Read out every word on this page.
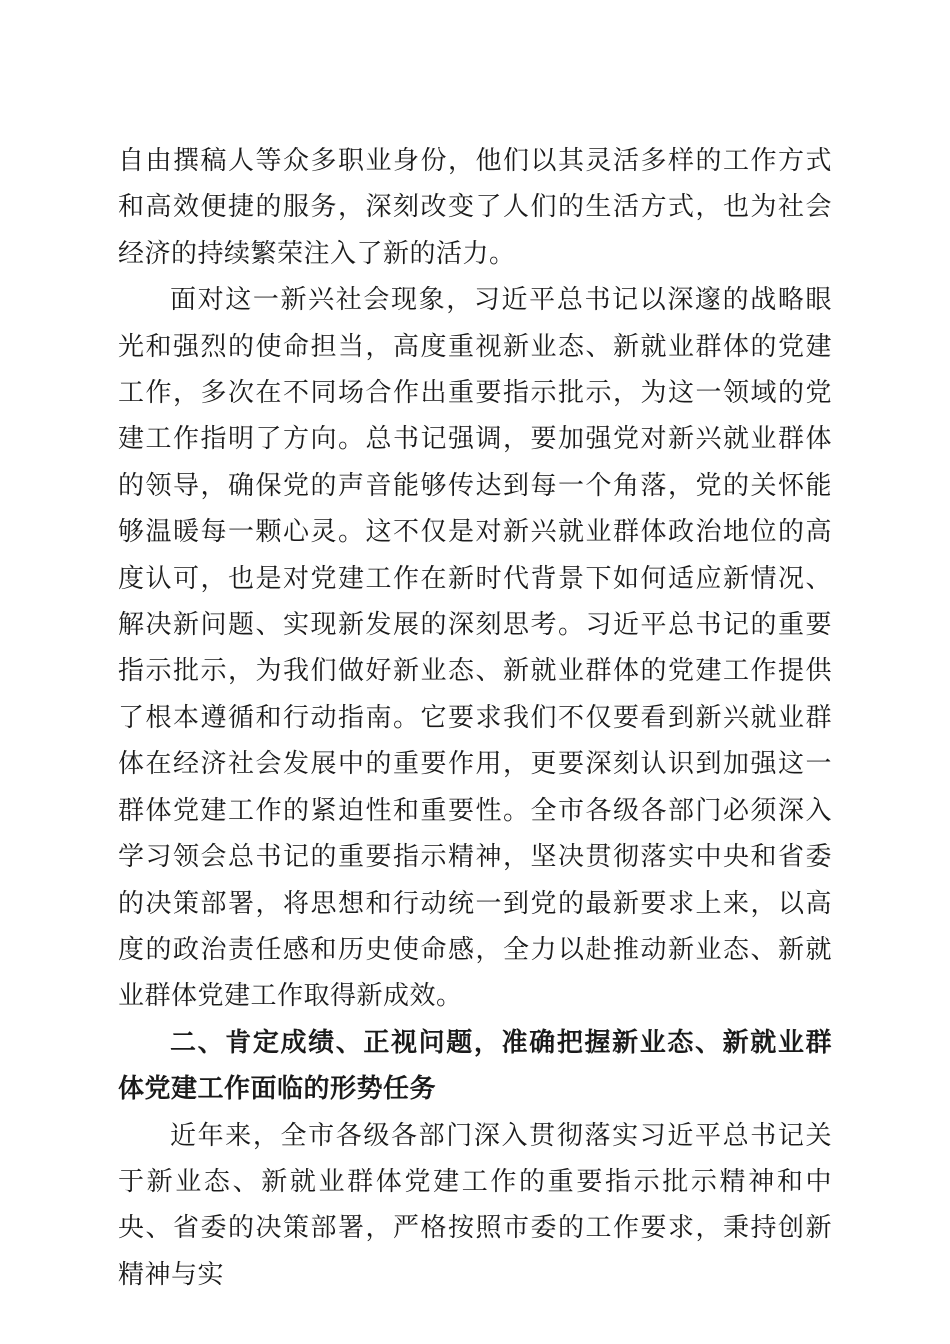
自由撰稿人等众多职业身份，他们以其灵活多样的工作方式和高效便捷的服务，深刻改变了人们的生活方式，也为社会经济的持续繁荣注入了新的活力。

面对这一新兴社会现象，习近平总书记以深邃的战略眼光和强烈的使命担当，高度重视新业态、新就业群体的党建工作，多次在不同场合作出重要指示批示，为这一领域的党建工作指明了方向。总书记强调，要加强党对新兴就业群体的领导，确保党的声音能够传达到每一个角落，党的关怀能够温暖每一颗心灵。这不仅是对新兴就业群体政治地位的高度认可，也是对党建工作在新时代背景下如何适应新情况、解决新问题、实现新发展的深刻思考。习近平总书记的重要指示批示，为我们做好新业态、新就业群体的党建工作提供了根本遵循和行动指南。它要求我们不仅要看到新兴就业群体在经济社会发展中的重要作用，更要深刻认识到加强这一群体党建工作的紧迫性和重要性。全市各级各部门必须深入学习领会总书记的重要指示精神，坚决贯彻落实中央和省委的决策部署，将思想和行动统一到党的最新要求上来，以高度的政治责任感和历史使命感，全力以赴推动新业态、新就业群体党建工作取得新成效。

二、肯定成绩、正视问题，准确把握新业态、新就业群体党建工作面临的形势任务

近年来，全市各级各部门深入贯彻落实习近平总书记关于新业态、新就业群体党建工作的重要指示批示精神和中央、省委的决策部署，严格按照市委的工作要求，秉持创新精神与实
